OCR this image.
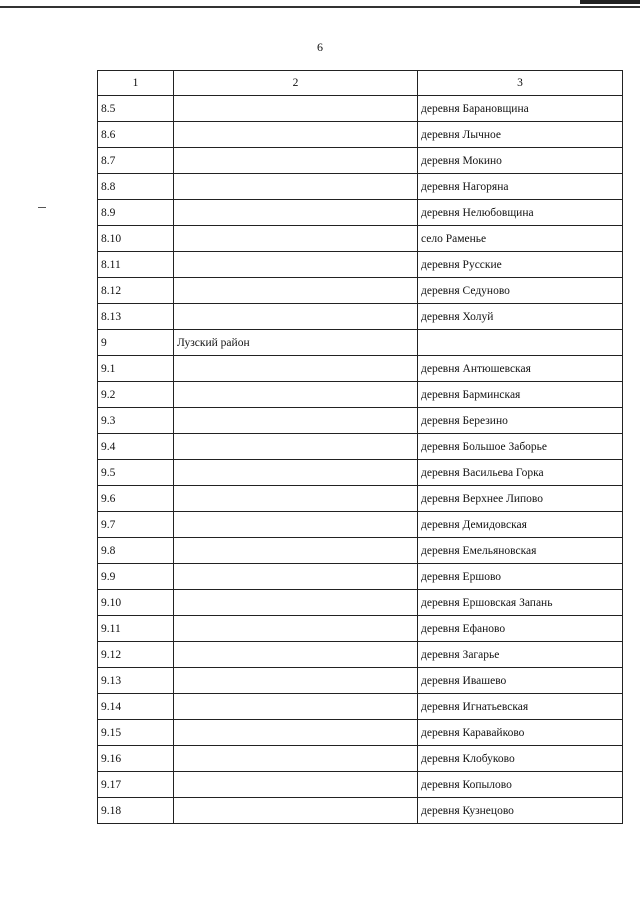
6
1	2	3
8.5		деревня Барановщина
8.6		деревня Лычное
8.7		деревня Мокино
8.8		деревня Нагоряна
8.9		деревня Нелюбовщина
8.10		село Раменье
8.11		деревня Русские
8.12		деревня Седуново
8.13		деревня Холуй
9	Лузский район	
9.1		деревня Антюшевская
9.2		деревня Барминская
9.3		деревня Березино
9.4		деревня Большое Заборье
9.5		деревня Васильева Горка
9.6		деревня Верхнее Липово
9.7		деревня Демидовская
9.8		деревня Емельяновская
9.9		деревня Ершово
9.10		деревня Ершовская Запань
9.11		деревня Ефаново
9.12		деревня Загарье
9.13		деревня Ивашево
9.14		деревня Игнатьевская
9.15		деревня Каравайково
9.16		деревня Клобуково
9.17		деревня Копылово
9.18		деревня Кузнецово
